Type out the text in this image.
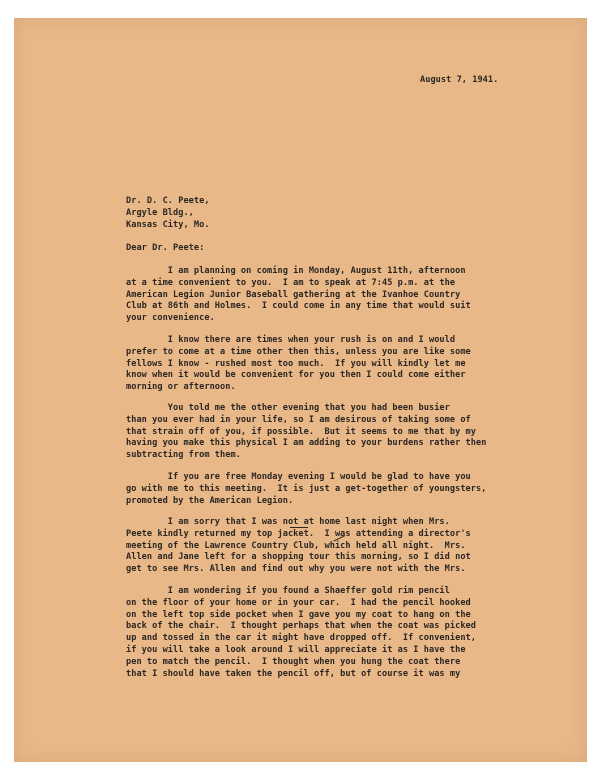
August 7, 1941.
Dr. D. C. Peete,
Argyle Bldg.,
Kansas City, Mo.
Dear Dr. Peete:
I am planning on coming in Monday, August 11th, afternoon
at a time convenient to you.  I am to speak at 7:45 p.m. at the
American Legion Junior Baseball gathering at the Ivanhoe Country
Club at 86th and Holmes.  I could come in any time that would suit
your convenience.
I know there are times when your rush is on and I would
prefer to come at a time other then this, unless you are like some
fellows I know - rushed most too much.  If you will kindly let me
know when it would be convenient for you then I could come either
morning or afternoon.
You told me the other evening that you had been busier
than you ever had in your life, so I am desirous of taking some of
that strain off of you, if possible.  But it seems to me that by my
having you make this physical I am adding to your burdens rather then
subtracting from them.
If you are free Monday evening I would be glad to have you
go with me to this meeting.  It is just a get-together of youngsters,
promoted by the American Legion.
I am sorry that I was not at home last night when Mrs.
Peete kindly returned my top jacket.  I was attending a director's
meeting of the Lawrence Country Club, which held all night.  Mrs.
Allen and Jane left for a shopping tour this morning, so I did not
get to see Mrs. Allen and find out why you were not with the Mrs.
I am wondering if you found a Shaeffer gold rim pencil
on the floor of your home or in your car.  I had the pencil hooked
on the left top side pocket when I gave you my coat to hang on the
back of the chair.  I thought perhaps that when the coat was picked
up and tossed in the car it might have dropped off.  If convenient,
if you will take a look around I will appreciate it as I have the
pen to match the pencil.  I thought when you hung the coat there
that I should have taken the pencil off, but of course it was my
